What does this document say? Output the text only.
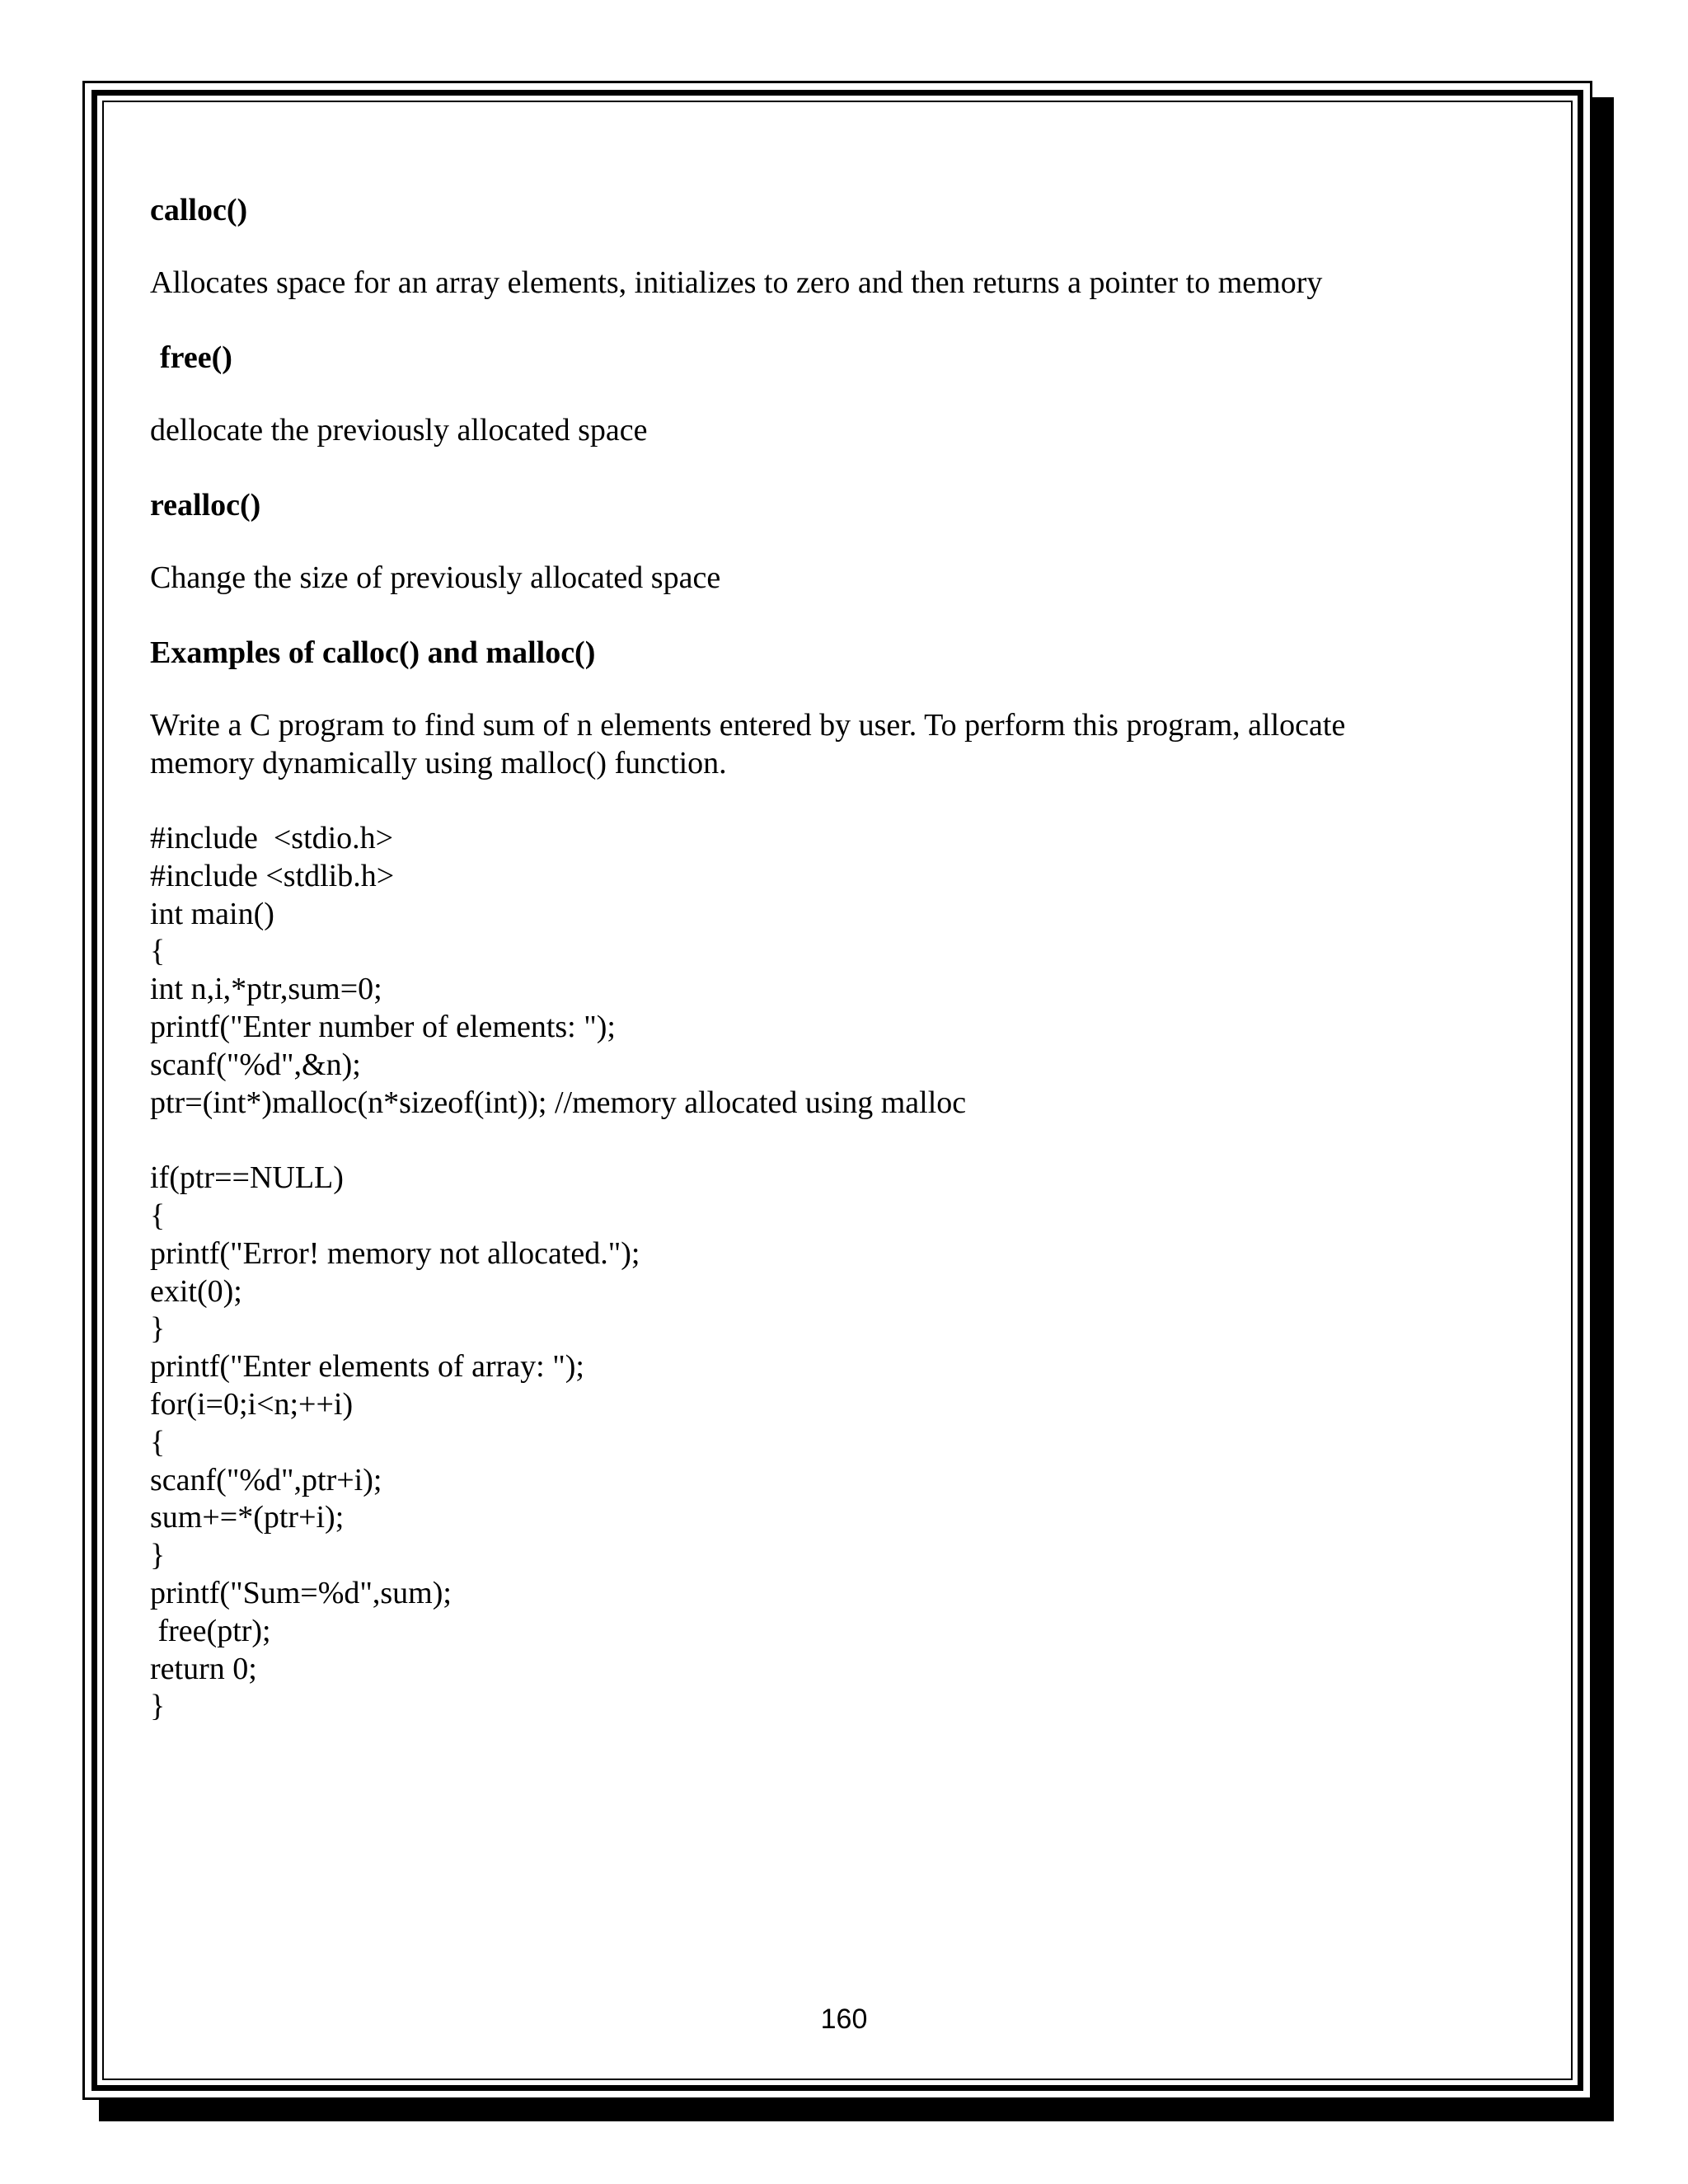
calloc()

Allocates space for an array elements, initializes to zero and then returns a pointer to memory

free()

dellocate the previously allocated space

realloc()

Change the size of previously allocated space

Examples of calloc() and malloc()

Write a C program to find sum of n elements entered by user. To perform this program, allocate

memory dynamically using malloc() function.

#include  <stdio.h>
#include <stdlib.h>
int main()
{
int n,i,*ptr,sum=0;
printf("Enter number of elements: ");
scanf("%d",&n);
ptr=(int*)malloc(n*sizeof(int)); //memory allocated using malloc

if(ptr==NULL)
{
printf("Error! memory not allocated.");
exit(0);
}
printf("Enter elements of array: ");
for(i=0;i<n;++i)
{
scanf("%d",ptr+i);
sum+=*(ptr+i);
}
printf("Sum=%d",sum);
free(ptr);
return 0;
}
160
